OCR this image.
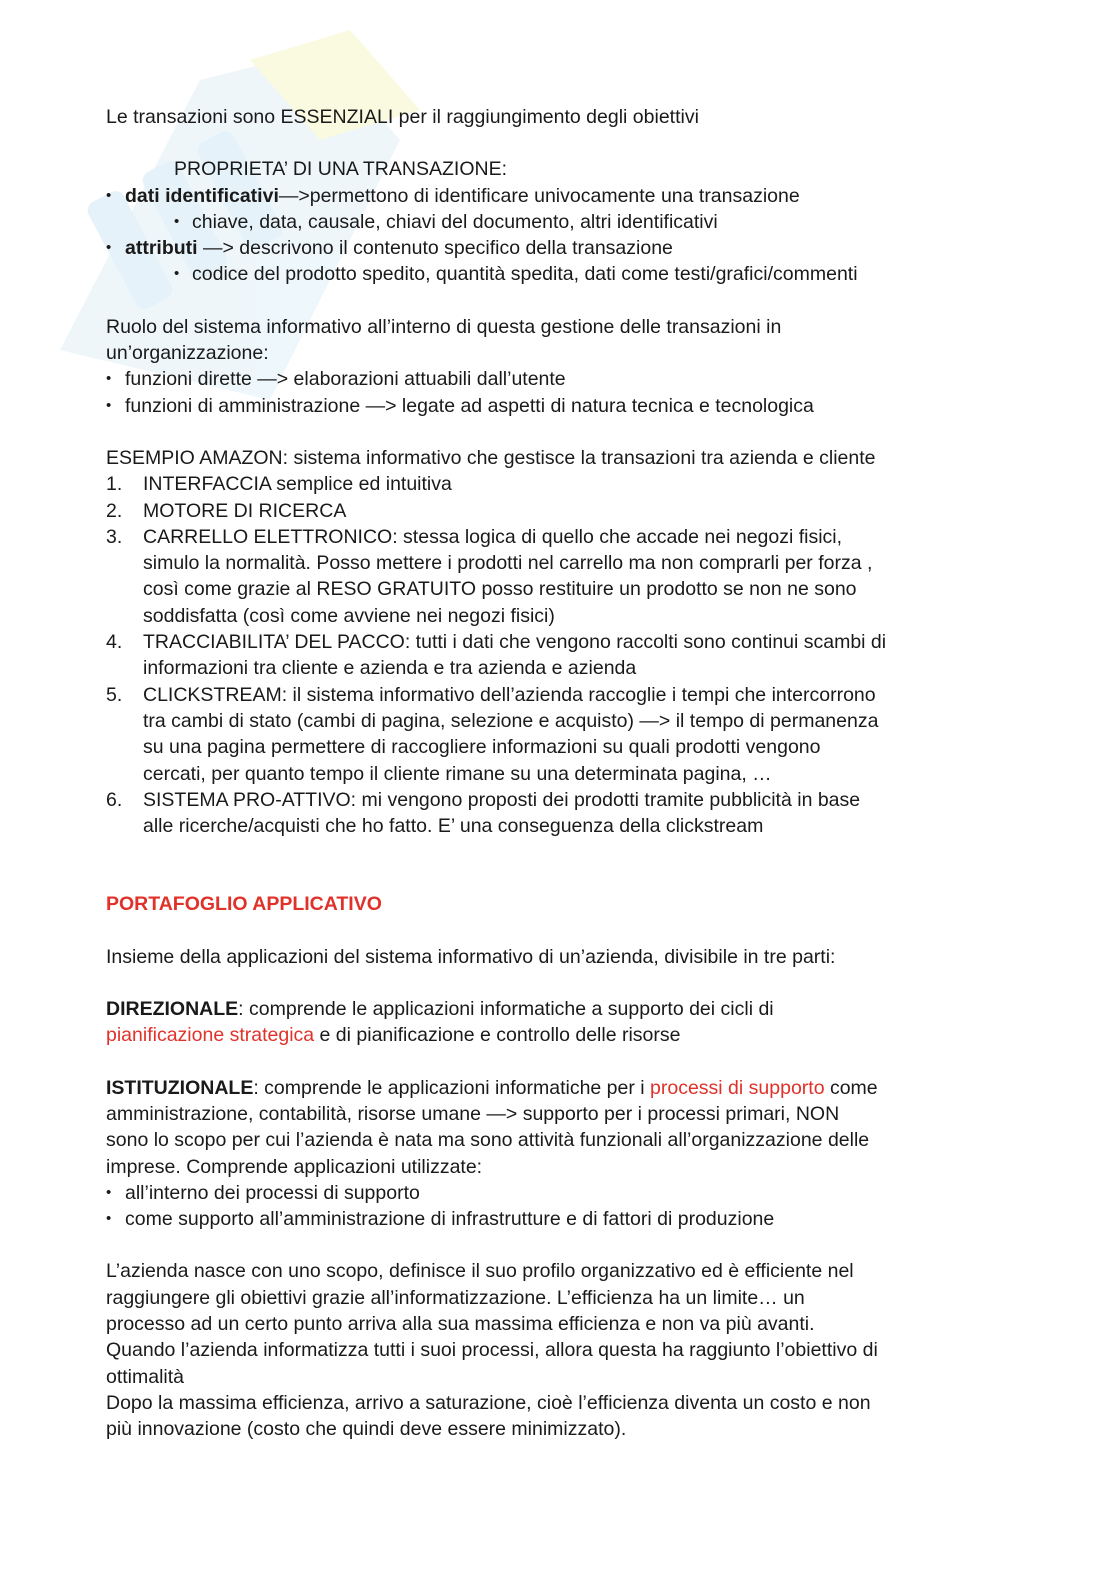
Le transazioni sono ESSENZIALI per il raggiungimento degli obiettivi

PROPRIETA’ DI UNA TRANSAZIONE:

• dati identificativi—>permettono di identificare univocamente una transazione

• chiave, data, causale, chiavi del documento, altri identificativi

• attributi —> descrivono il contenuto specifico della transazione

• codice del prodotto spedito, quantità spedita, dati come testi/grafici/commenti

Ruolo del sistema informativo all’interno di questa gestione delle transazioni in

un’organizzazione:

• funzioni dirette —> elaborazioni attuabili dall’utente

• funzioni di amministrazione —> legate ad aspetti di natura tecnica e tecnologica

ESEMPIO AMAZON: sistema informativo che gestisce la transazioni tra azienda e cliente

1. INTERFACCIA semplice ed intuitiva

2. MOTORE DI RICERCA

3. CARRELLO ELETTRONICO: stessa logica di quello che accade nei negozi fisici,

simulo la normalità. Posso mettere i prodotti nel carrello ma non comprarli per forza ,

così come grazie al RESO GRATUITO posso restituire un prodotto se non ne sono

soddisfatta (così come avviene nei negozi fisici)

4. TRACCIABILITA’ DEL PACCO: tutti i dati che vengono raccolti sono continui scambi di

informazioni tra cliente e azienda e tra azienda e azienda

5. CLICKSTREAM: il sistema informativo dell’azienda raccoglie i tempi che intercorrono

tra cambi di stato (cambi di pagina, selezione e acquisto) —> il tempo di permanenza

su una pagina permettere di raccogliere informazioni su quali prodotti vengono

cercati, per quanto tempo il cliente rimane su una determinata pagina, …

6. SISTEMA PRO-ATTIVO: mi vengono proposti dei prodotti tramite pubblicità in base

alle ricerche/acquisti che ho fatto. E’ una conseguenza della clickstream

PORTAFOGLIO APPLICATIVO

Insieme della applicazioni del sistema informativo di un’azienda, divisibile in tre parti:

DIREZIONALE: comprende le applicazioni informatiche a supporto dei cicli di

pianificazione strategica e di pianificazione e controllo delle risorse

ISTITUZIONALE: comprende le applicazioni informatiche per i processi di supporto come

amministrazione, contabilità, risorse umane —> supporto per i processi primari, NON

sono lo scopo per cui l’azienda è nata ma sono attività funzionali all’organizzazione delle

imprese. Comprende applicazioni utilizzate:

• all’interno dei processi di supporto

• come supporto all’amministrazione di infrastrutture e di fattori di produzione

L’azienda nasce con uno scopo, definisce il suo profilo organizzativo ed è efficiente nel

raggiungere gli obiettivi grazie all’informatizzazione. L’efficienza ha un limite… un

processo ad un certo punto arriva alla sua massima efficienza e non va più avanti.

Quando l’azienda informatizza tutti i suoi processi, allora questa ha raggiunto l’obiettivo di

ottimalità

Dopo la massima efficienza, arrivo a saturazione, cioè l’efficienza diventa un costo e non

più innovazione (costo che quindi deve essere minimizzato).
